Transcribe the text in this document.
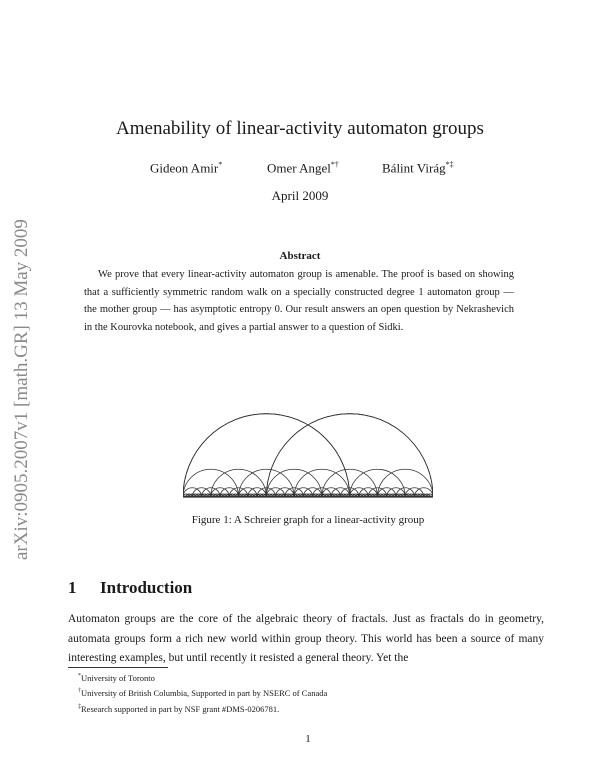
arXiv:0905.2007v1 [math.GR] 13 May 2009
Amenability of linear-activity automaton groups
Gideon Amir*	Omer Angel*†	Bálint Virág*‡
April 2009
Abstract
We prove that every linear-activity automaton group is amenable. The proof is based on showing that a sufficiently symmetric random walk on a specially constructed degree 1 automaton group — the mother group — has asymptotic entropy 0. Our result answers an open question by Nekrashevich in the Kourovka notebook, and gives a partial answer to a question of Sidki.
Figure 1: A Schreier graph for a linear-activity group
1 Introduction
Automaton groups are the core of the algebraic theory of fractals. Just as fractals do in geometry, automata groups form a rich new world within group theory. This world has been a source of many interesting examples, but until recently it resisted a general theory. Yet the
*University of Toronto
†University of British Columbia, Supported in part by NSERC of Canada
‡Research supported in part by NSF grant #DMS-0206781.
1
